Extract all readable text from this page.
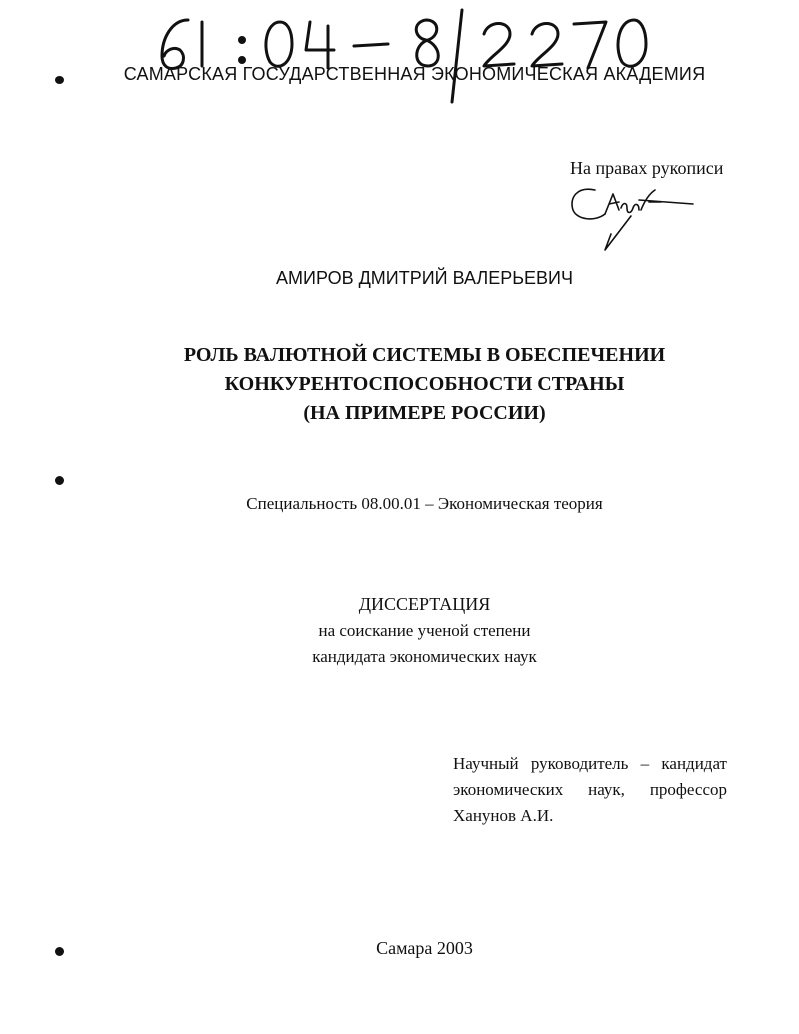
САМАРСКАЯ ГОСУДАРСТВЕННАЯ ЭКОНОМИЧЕСКАЯ АКАДЕМИЯ
На правах рукописи
АМИРОВ ДМИТРИЙ ВАЛЕРЬЕВИЧ
РОЛЬ ВАЛЮТНОЙ СИСТЕМЫ В ОБЕСПЕЧЕНИИ
КОНКУРЕНТОСПОСОБНОСТИ СТРАНЫ
(НА ПРИМЕРЕ РОССИИ)
Специальность 08.00.01 – Экономическая теория
ДИССЕРТАЦИЯ
на соискание ученой степени
кандидата экономических наук
Научный руководитель – кандидат
экономических наук, профессор
Ханунов А.И.
Самара 2003
